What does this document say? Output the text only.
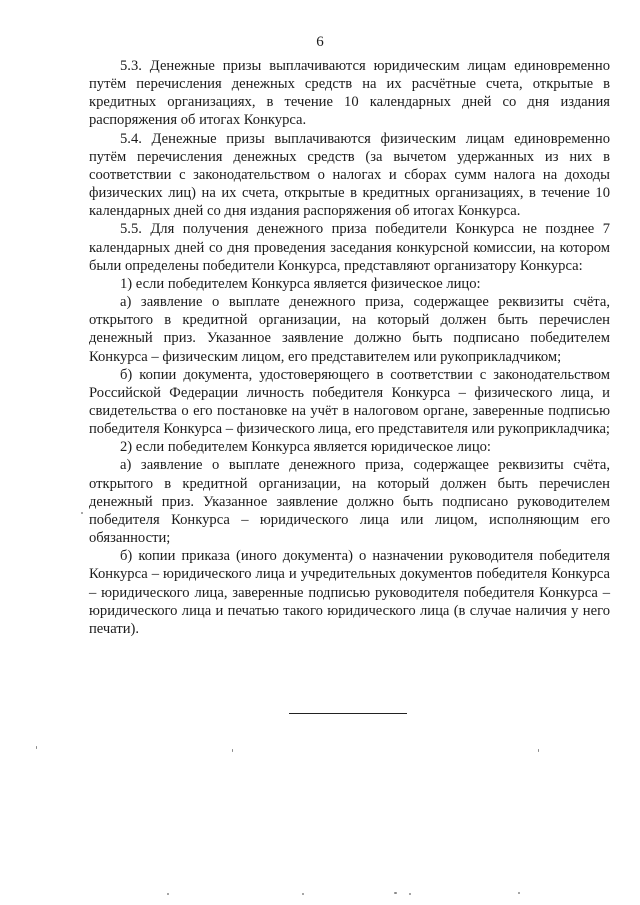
6

5.3. Денежные призы выплачиваются юридическим лицам единовременно путём перечисления денежных средств на их расчётные счета, открытые в кредитных организациях, в течение 10 календарных дней со дня издания распоряжения об итогах Конкурса.

5.4. Денежные призы выплачиваются физическим лицам единовременно путём перечисления денежных средств (за вычетом удержанных из них в соответствии с законодательством о налогах и сборах сумм налога на доходы физических лиц) на их счета, открытые в кредитных организациях, в течение 10 календарных дней со дня издания распоряжения об итогах Конкурса.

5.5. Для получения денежного приза победители Конкурса не позднее 7 календарных дней со дня проведения заседания конкурсной комиссии, на котором были определены победители Конкурса, представляют организатору Конкурса:

1) если победителем Конкурса является физическое лицо:

а) заявление о выплате денежного приза, содержащее реквизиты счёта, открытого в кредитной организации, на который должен быть перечислен денежный приз. Указанное заявление должно быть подписано победителем Конкурса – физическим лицом, его представителем или рукоприкладчиком;

б) копии документа, удостоверяющего в соответствии с законодательством Российской Федерации личность победителя Конкурса – физического лица, и свидетельства о его постановке на учёт в налоговом органе, заверенные подписью победителя Конкурса – физического лица, его представителя или рукоприкладчика;

2) если победителем Конкурса является юридическое лицо:

а) заявление о выплате денежного приза, содержащее реквизиты счёта, открытого в кредитной организации, на который должен быть перечислен денежный приз. Указанное заявление должно быть подписано руководителем победителя Конкурса – юридического лица или лицом, исполняющим его обязанности;

б) копии приказа (иного документа) о назначении руководителя победителя Конкурса – юридического лица и учредительных документов победителя Конкурса – юридического лица, заверенные подписью руководителя победителя Конкурса – юридического лица и печатью такого юридического лица (в случае наличия у него печати).
